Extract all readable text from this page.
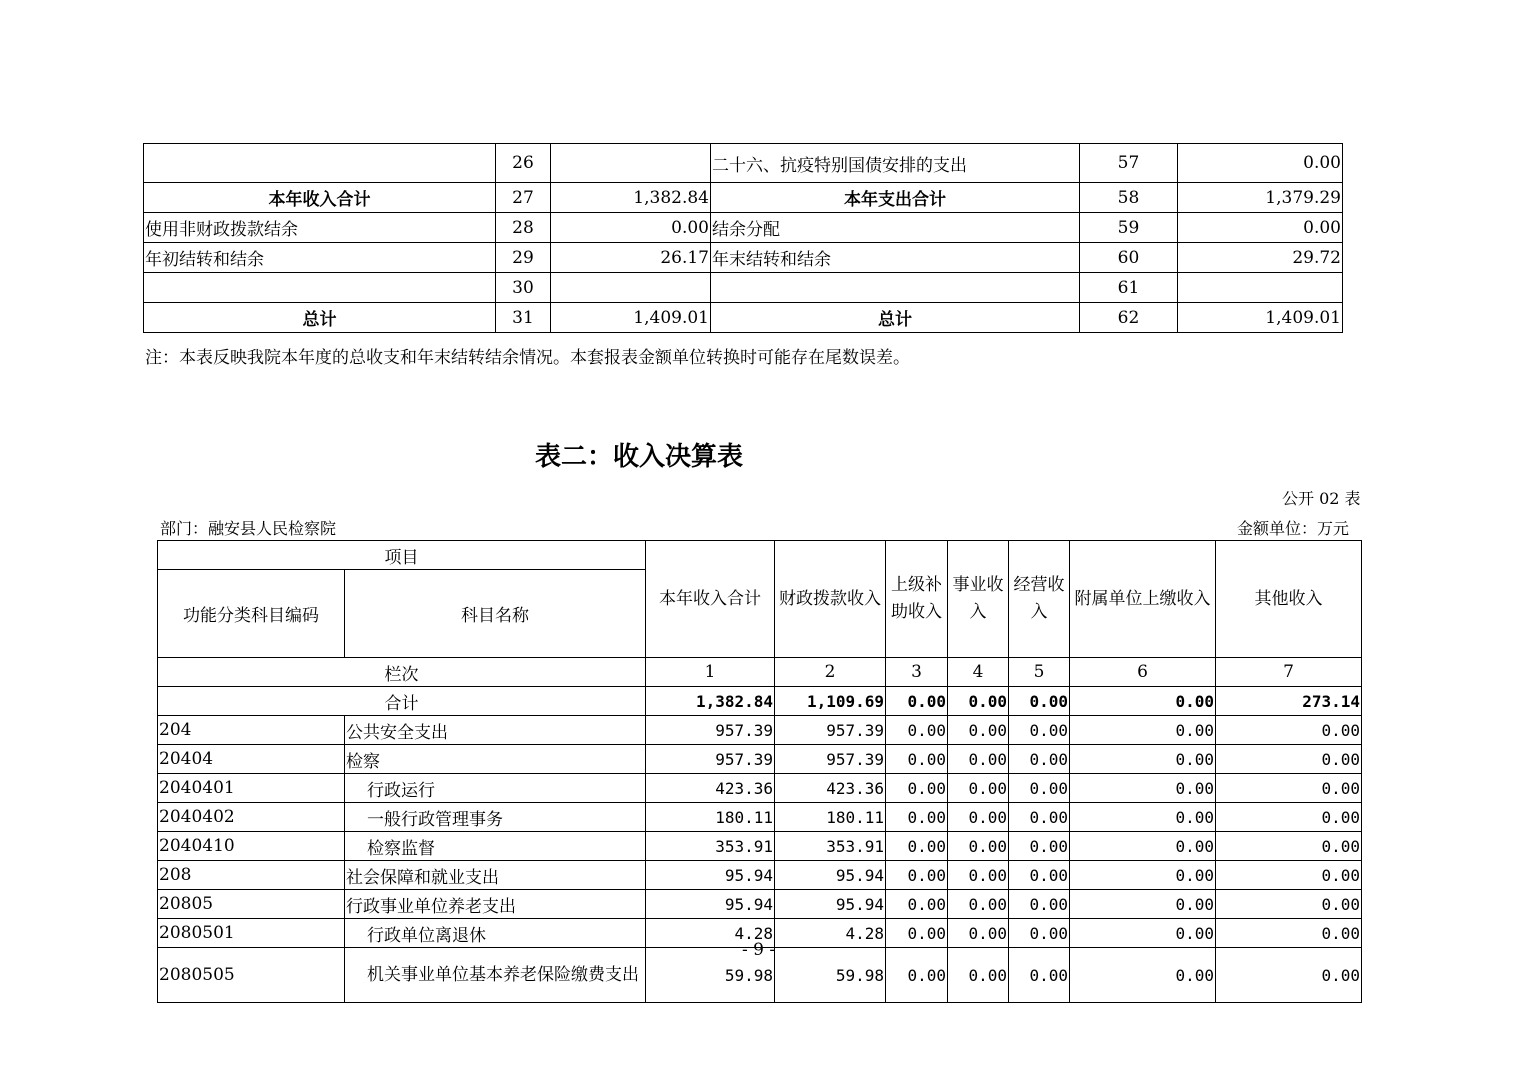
	26		二十六、抗疫特别国债安排的支出	57	0.00
本年收入合计	27	1,382.84	本年支出合计	58	1,379.29
使用非财政拨款结余	28	0.00	结余分配	59	0.00
年初结转和结余	29	26.17	年末结转和结余	60	29.72
	30			61	
总计	31	1,409.01	总计	62	1,409.01
注：本表反映我院本年度的总收支和年末结转结余情况。本套报表金额单位转换时可能存在尾数误差。
表二：收入决算表
公开 02 表
部门：融安县人民检察院	金额单位：万元
项目		本年收入合计	财政拨款收入	上级补助收入	事业收入	经营收入	附属单位上缴收入	其他收入
功能分类科目编码	科目名称							
栏次		1	2	3	4	5	6	7
合计		1,382.84	1,109.69	0.00	0.00	0.00	0.00	273.14
204	公共安全支出	957.39	957.39	0.00	0.00	0.00	0.00	0.00
20404	检察	957.39	957.39	0.00	0.00	0.00	0.00	0.00
2040401	行政运行	423.36	423.36	0.00	0.00	0.00	0.00	0.00
2040402	一般行政管理事务	180.11	180.11	0.00	0.00	0.00	0.00	0.00
2040410	检察监督	353.91	353.91	0.00	0.00	0.00	0.00	0.00
208	社会保障和就业支出	95.94	95.94	0.00	0.00	0.00	0.00	0.00
20805	行政事业单位养老支出	95.94	95.94	0.00	0.00	0.00	0.00	0.00
2080501	行政单位离退休	4.28	4.28	0.00	0.00	0.00	0.00	0.00
2080505	机关事业单位基本养老保险缴费支出	59.98	59.98	0.00	0.00	0.00	0.00	0.00
- 9 -
